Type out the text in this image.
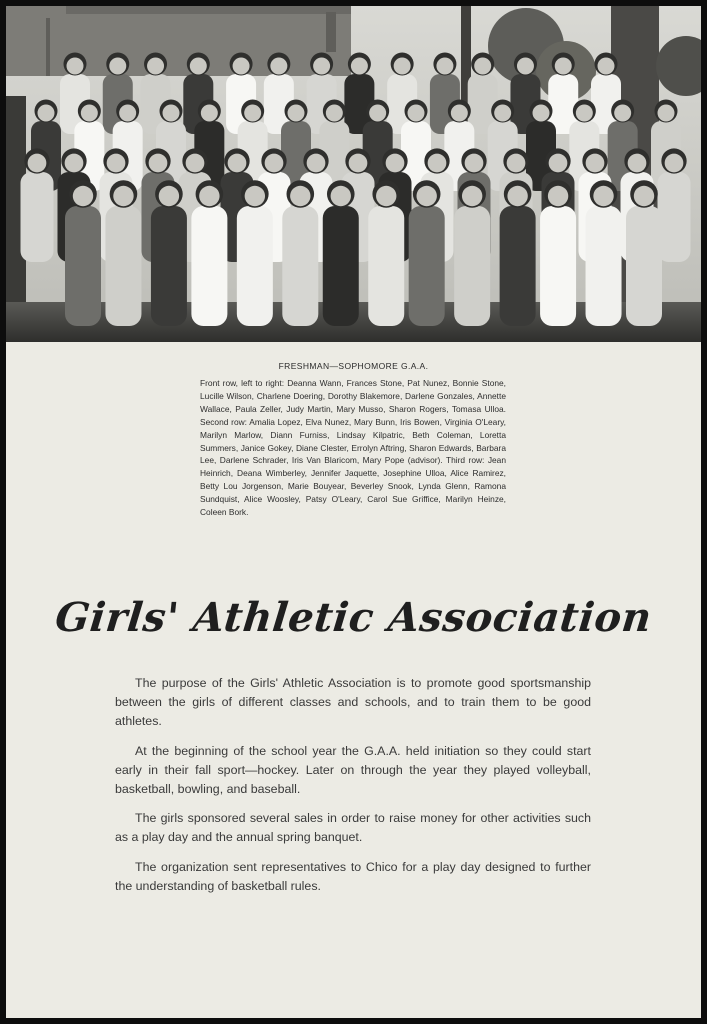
FRESHMAN—SOPHOMORE G.A.A.
Front row, left to right: Deanna Wann, Frances Stone, Pat Nunez, Bonnie Stone, Lucille Wilson, Charlene Doering, Dorothy Blakemore, Darlene Gonzales, Annette Wallace, Paula Zeller, Judy Martin, Mary Musso, Sharon Rogers, Tomasa Ulloa. Second row: Amalia Lopez, Elva Nunez, Mary Bunn, Iris Bowen, Virginia O'Leary, Marilyn Marlow, Diann Furniss, Lindsay Kilpatric, Beth Coleman, Loretta Summers, Janice Gokey, Diane Clester, Errolyn Aftring, Sharon Edwards, Barbara Lee, Darlene Schrader, Iris Van Blaricom, Mary Pope (advisor). Third row: Jean Heinrich, Deana Wimberley, Jennifer Jaquette, Josephine Ulloa, Alice Ramirez, Betty Lou Jorgenson, Marie Bouyear, Beverley Snook, Lynda Glenn, Ramona Sundquist, Alice Woosley, Patsy O'Leary, Carol Sue Griffice, Marilyn Heinze, Coleen Bork.
Girls' Athletic Association

The purpose of the Girls' Athletic Association is to promote good sportsmanship between the girls of different classes and schools, and to train them to be good athletes.

At the beginning of the school year the G.A.A. held initiation so they could start early in their fall sport—hockey. Later on through the year they played volleyball, basketball, bowling, and baseball.

The girls sponsored several sales in order to raise money for other activities such as a play day and the annual spring banquet.

The organization sent representatives to Chico for a play day designed to further the understanding of basketball rules.
